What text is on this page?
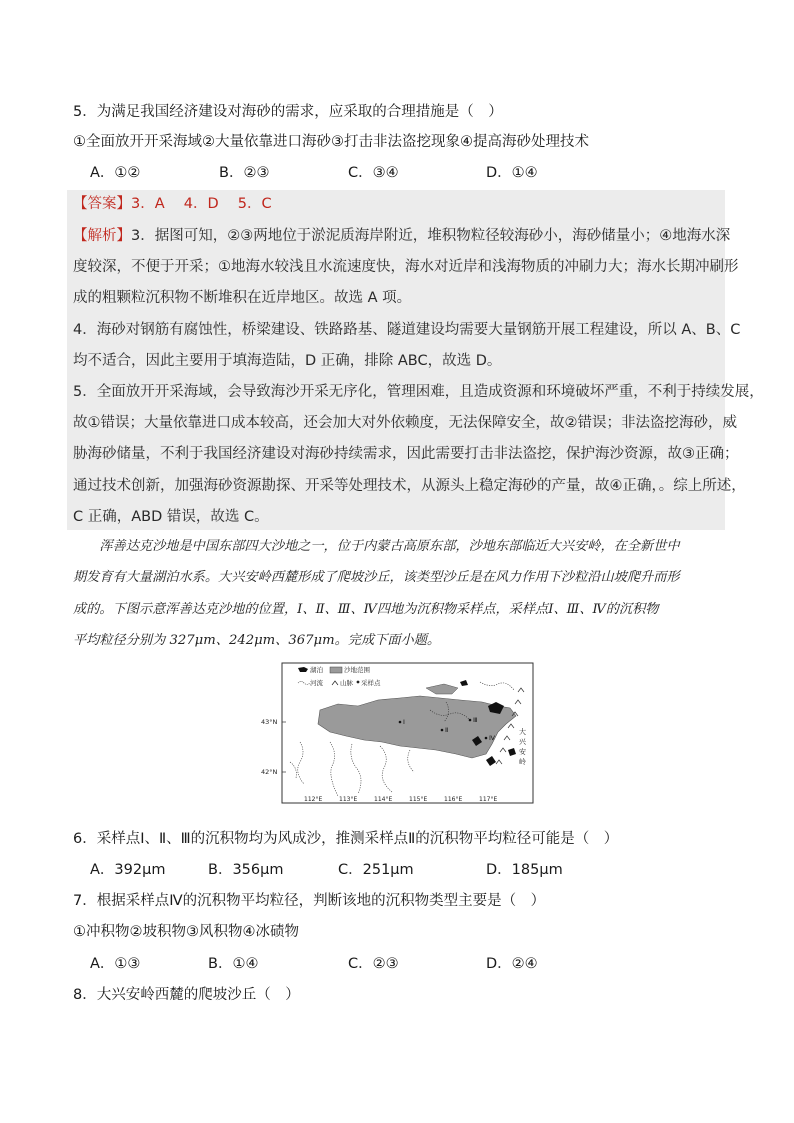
5．为满足我国经济建设对海砂的需求，应采取的合理措施是（　）
①全面放开开采海域②大量依靠进口海砂③打击非法盗挖现象④提高海砂处理技术
A．①②	B．②③	C．③④	D．①④
【答案】3．A　 4．D　 5．C
【解析】3．据图可知，②③两地位于淤泥质海岸附近，堆积物粒径较海砂小，海砂储量小；④地海水深
度较深，不便于开采；①地海水较浅且水流速度快，海水对近岸和浅海物质的冲刷力大；海水长期冲刷形
成的粗颗粒沉积物不断堆积在近岸地区。故选 A 项。
4．海砂对钢筋有腐蚀性，桥梁建设、铁路路基、隧道建设均需要大量钢筋开展工程建设，所以 A、B、C
均不适合，因此主要用于填海造陆，D 正确，排除 ABC，故选 D。
5．全面放开开采海域，会导致海沙开采无序化，管理困难，且造成资源和环境破坏严重，不利于持续发展，
故①错误；大量依靠进口成本较高，还会加大对外依赖度，无法保障安全，故②错误；非法盗挖海砂，威
胁海砂储量，不利于我国经济建设对海砂持续需求，因此需要打击非法盗挖，保护海沙资源，故③正确；
通过技术创新，加强海砂资源勘探、开采等处理技术，从源头上稳定海砂的产量，故④正确，。综上所述，
C 正确，ABD 错误，故选 C。
　　浑善达克沙地是中国东部四大沙地之一，位于内蒙古高原东部，沙地东部临近大兴安岭，在全新世中
期发育有大量湖泊水系。大兴安岭西麓形成了爬坡沙丘，该类型沙丘是在风力作用下沙粒沿山坡爬升而形
成的。下图示意浑善达克沙地的位置，Ⅰ、Ⅱ、Ⅲ、Ⅳ四地为沉积物采样点，采样点Ⅰ、Ⅲ、Ⅳ的沉积物
平均粒径分别为 327μm、242μm、367μm。完成下面小题。
湖泊	沙地范围
河流	山脉 采样点
43°N
42°N
大
兴
安
岭
Ⅰ
Ⅱ
Ⅲ
Ⅳ
112°E	113°E	114°E	115°E	116°E	117°E
6．采样点Ⅰ、Ⅱ、Ⅲ的沉积物均为风成沙，推测采样点Ⅱ的沉积物平均粒径可能是（　）
A．392μm	B．356μm	C．251μm	D．185μm
7．根据采样点Ⅳ的沉积物平均粒径，判断该地的沉积物类型主要是（　）
①冲积物②坡积物③风积物④冰碛物
A．①③	B．①④	C．②③	D．②④
8．大兴安岭西麓的爬坡沙丘（　）
